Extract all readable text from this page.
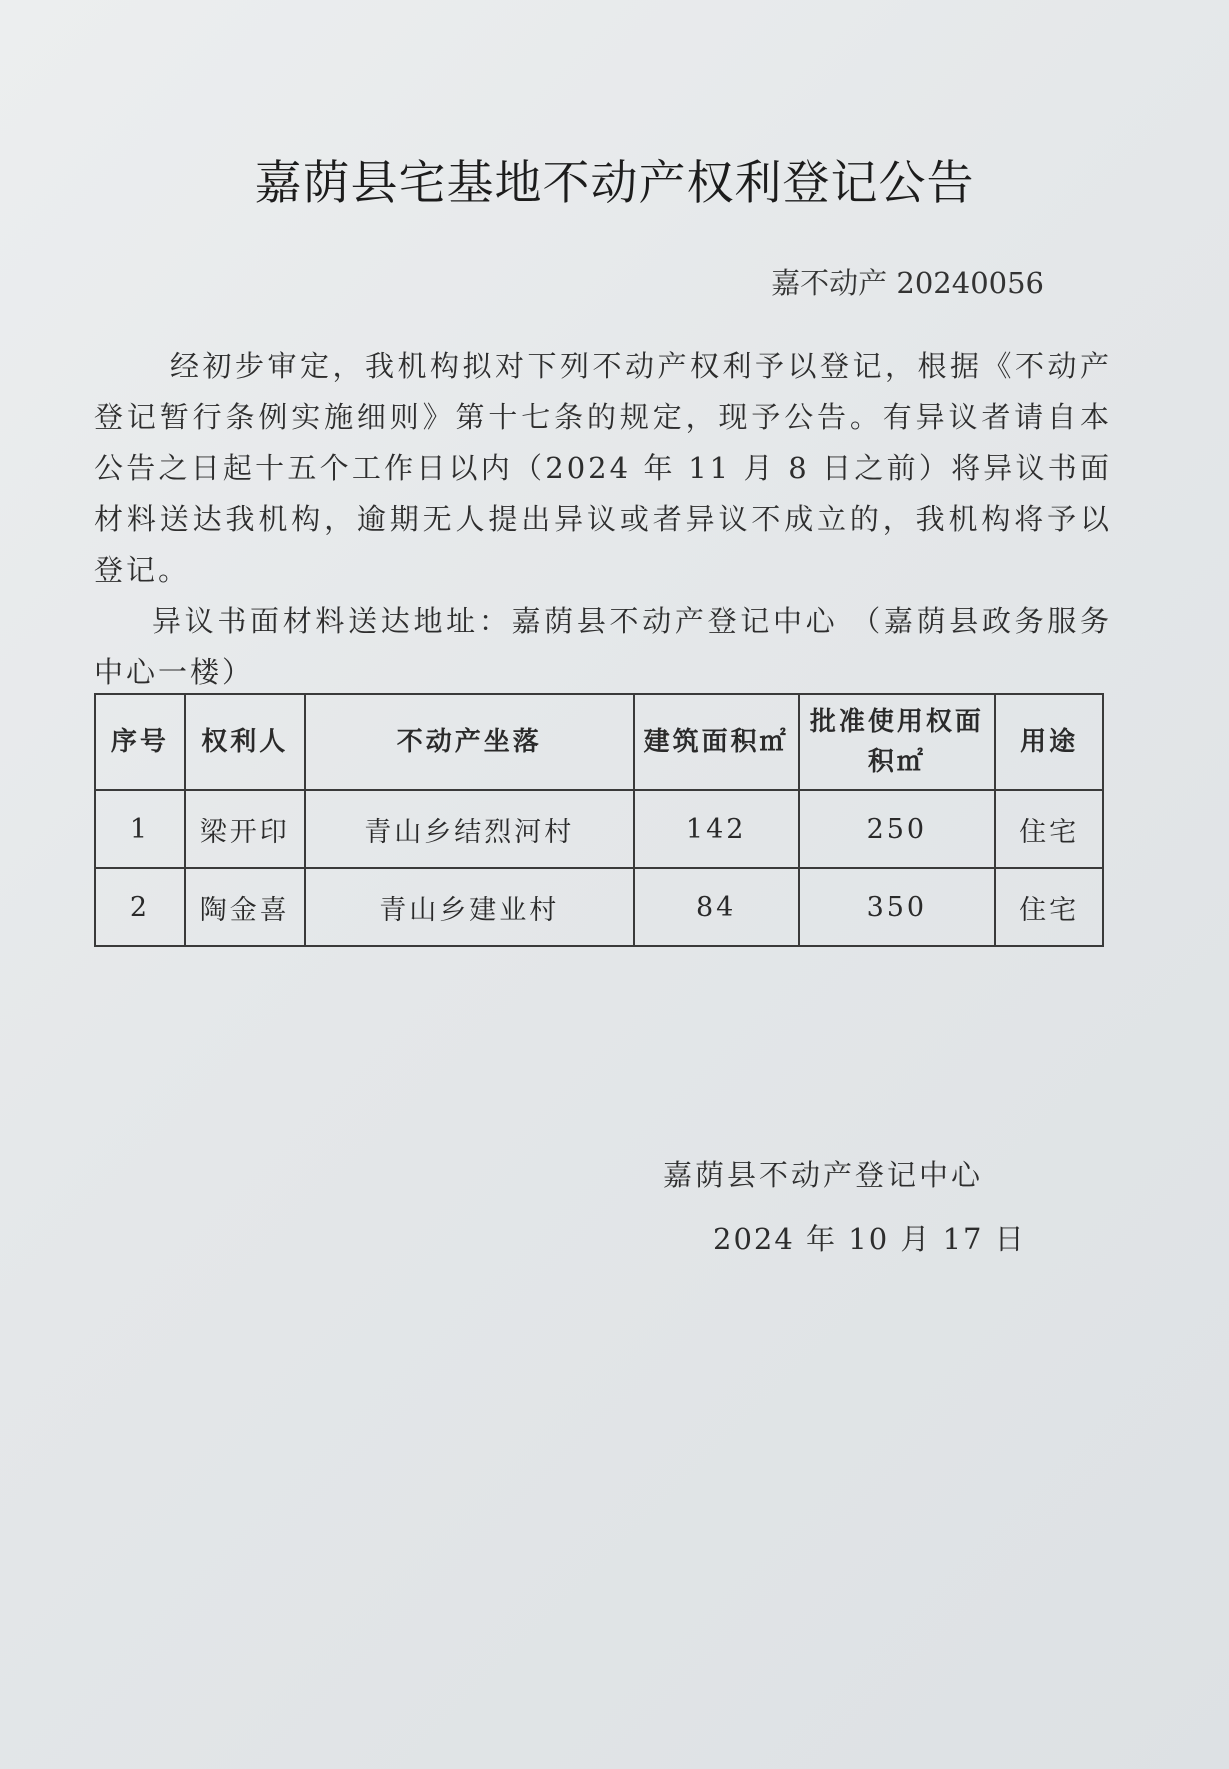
嘉荫县宅基地不动产权利登记公告
嘉不动产 20240056
经初步审定，我机构拟对下列不动产权利予以登记，根据《不动产登记暂行条例实施细则》第十七条的规定，现予公告。有异议者请自本公告之日起十五个工作日以内（2024 年 11 月 8 日之前）将异议书面材料送达我机构，逾期无人提出异议或者异议不成立的，我机构将予以登记。
异议书面材料送达地址：嘉荫县不动产登记中心 （嘉荫县政务服务中心一楼）
序号	权利人	不动产坐落	建筑面积㎡	批准使用权面积㎡	用途
1	梁开印	青山乡结烈河村	142	250	住宅
2	陶金喜	青山乡建业村	84	350	住宅
嘉荫县不动产登记中心
2024 年 10 月 17 日
